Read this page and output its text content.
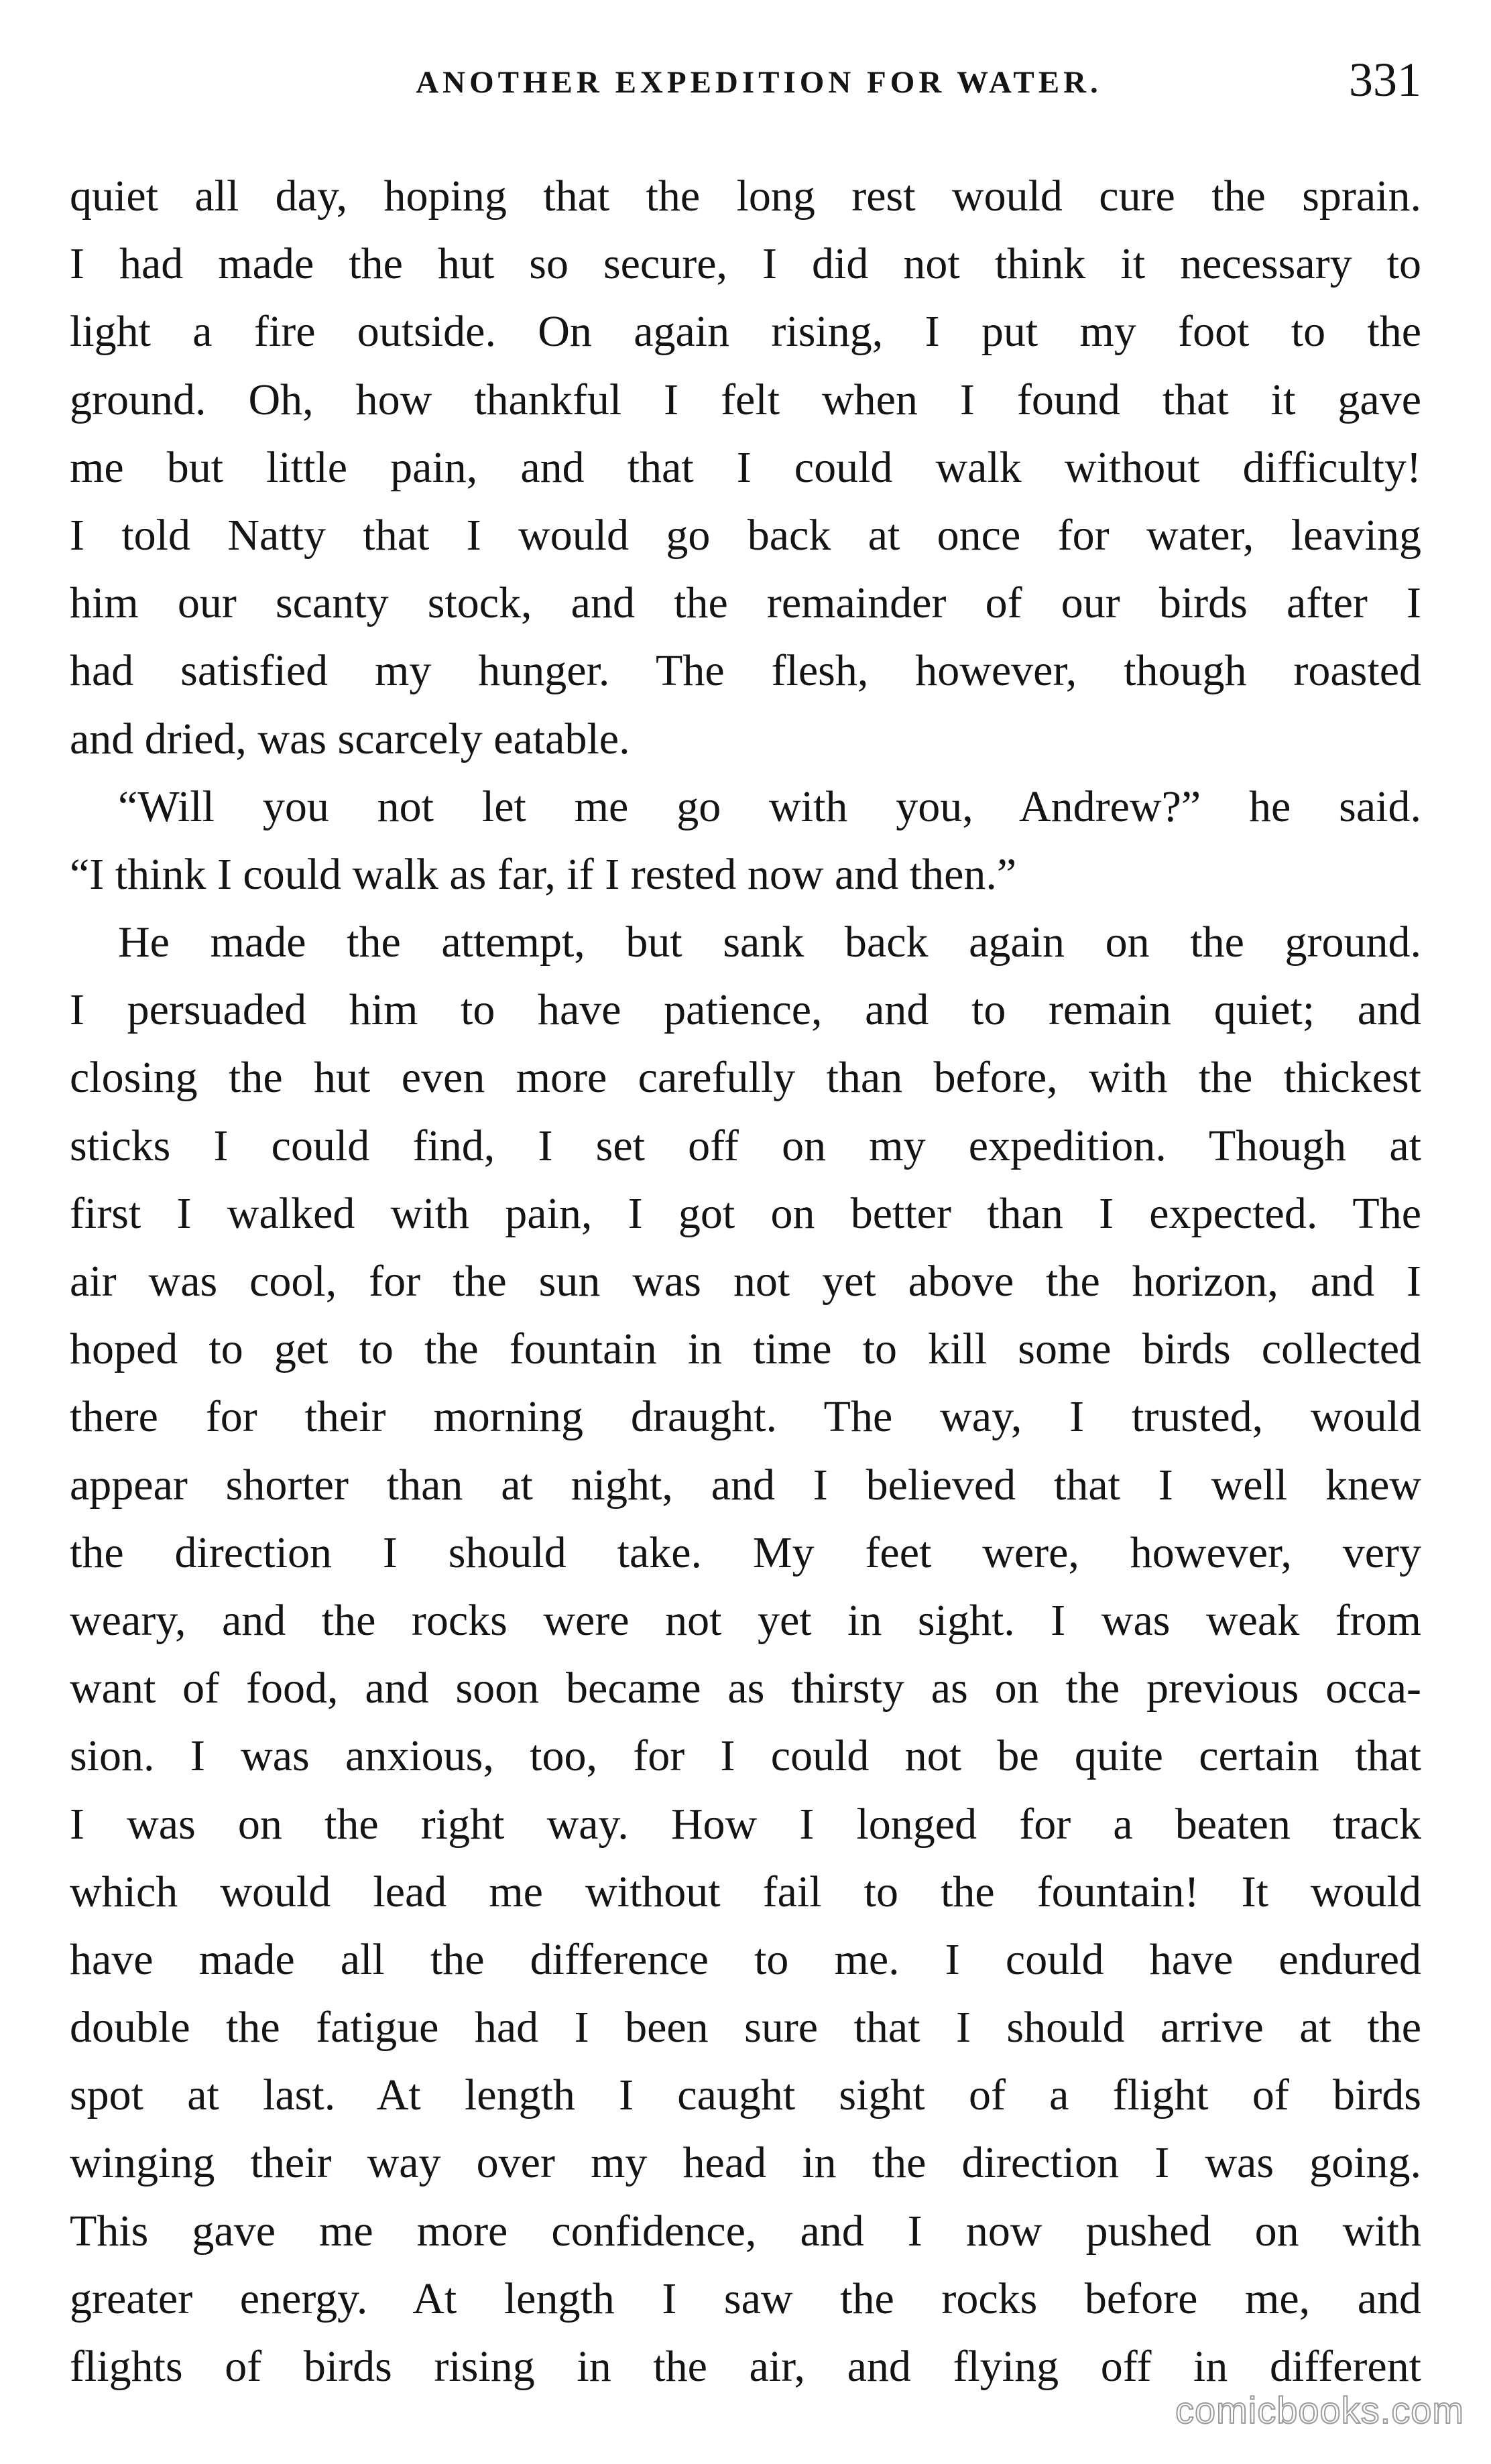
ANOTHER EXPEDITION FOR WATER.	331
quiet all day, hoping that the long rest would cure the sprain.
I had made the hut so secure, I did not think it necessary to
light a fire outside. On again rising, I put my foot to the
ground. Oh, how thankful I felt when I found that it gave
me but little pain, and that I could walk without difficulty!
I told Natty that I would go back at once for water, leaving
him our scanty stock, and the remainder of our birds after I
had satisfied my hunger. The flesh, however, though roasted
and dried, was scarcely eatable.
“Will you not let me go with you, Andrew?” he said.
“I think I could walk as far, if I rested now and then.”
He made the attempt, but sank back again on the ground.
I persuaded him to have patience, and to remain quiet; and
closing the hut even more carefully than before, with the thickest
sticks I could find, I set off on my expedition. Though at
first I walked with pain, I got on better than I expected. The
air was cool, for the sun was not yet above the horizon, and I
hoped to get to the fountain in time to kill some birds collected
there for their morning draught. The way, I trusted, would
appear shorter than at night, and I believed that I well knew
the direction I should take. My feet were, however, very
weary, and the rocks were not yet in sight. I was weak from
want of food, and soon became as thirsty as on the previous occa-
sion. I was anxious, too, for I could not be quite certain that
I was on the right way. How I longed for a beaten track
which would lead me without fail to the fountain! It would
have made all the difference to me. I could have endured
double the fatigue had I been sure that I should arrive at the
spot at last. At length I caught sight of a flight of birds
winging their way over my head in the direction I was going.
This gave me more confidence, and I now pushed on with
greater energy. At length I saw the rocks before me, and
flights of birds rising in the air, and flying off in different
comicbooks.com
